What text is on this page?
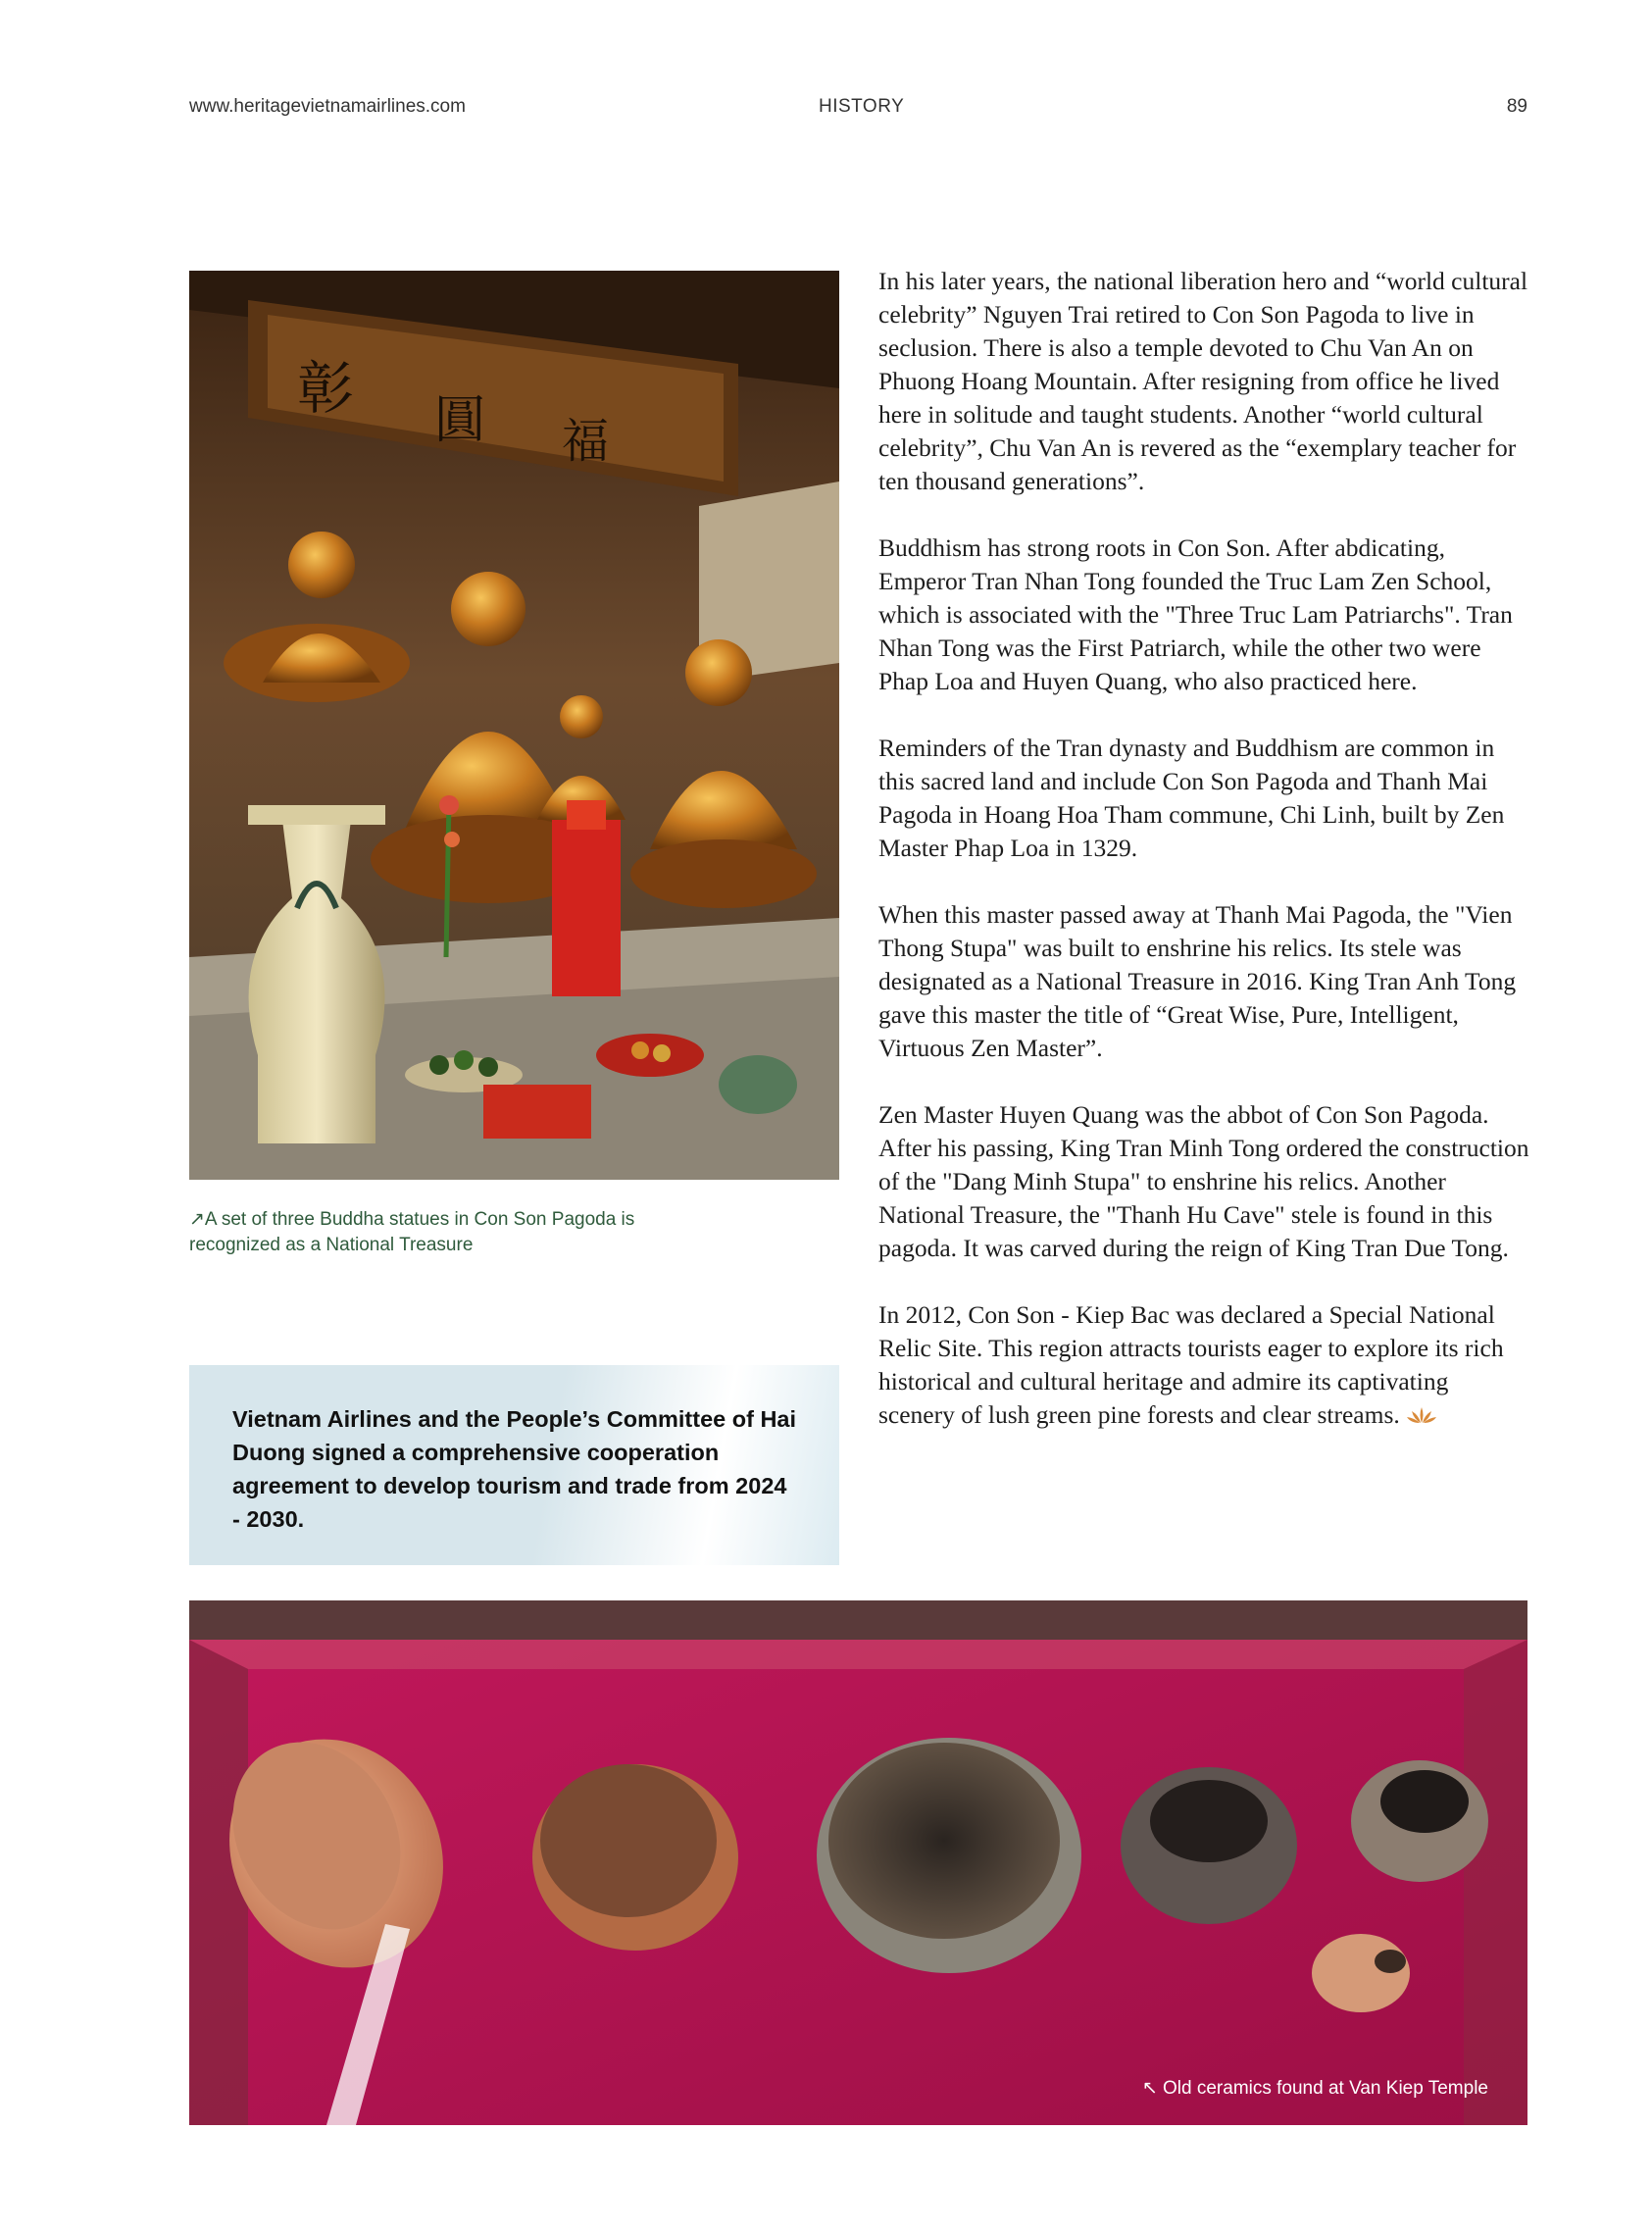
www.heritagevietnamairlines.com	HISTORY	89
彰 圓 福
↗A set of three Buddha statues in Con Son Pagoda is recognized as a National Treasure

Vietnam Airlines and the People’s Committee of Hai Duong signed a comprehensive cooperation agreement to develop tourism and trade from 2024 - 2030.

In his later years, the national liberation hero and “world cultural celebrity” Nguyen Trai retired to Con Son Pagoda to live in seclusion. There is also a temple devoted to Chu Van An on Phuong Hoang Mountain. After resigning from office he lived here in solitude and taught students. Another “world cultural celebrity”, Chu Van An is revered as the “exemplary teacher for ten thousand generations”.

Buddhism has strong roots in Con Son. After abdicating, Emperor Tran Nhan Tong founded the Truc Lam Zen School, which is associated with the "Three Truc Lam Patriarchs". Tran Nhan Tong was the First Patriarch, while the other two were Phap Loa and Huyen Quang, who also practiced here.

Reminders of the Tran dynasty and Buddhism are common in this sacred land and include Con Son Pagoda and Thanh Mai Pagoda in Hoang Hoa Tham commune, Chi Linh, built by Zen Master Phap Loa in 1329.

When this master passed away at Thanh Mai Pagoda, the "Vien Thong Stupa" was built to enshrine his relics. Its stele was designated as a National Treasure in 2016. King Tran Anh Tong gave this master the title of “Great Wise, Pure, Intelligent, Virtuous Zen Master”.

Zen Master Huyen Quang was the abbot of Con Son Pagoda. After his passing, King Tran Minh Tong ordered the construction of the "Dang Minh Stupa" to enshrine his relics. Another National Treasure, the "Thanh Hu Cave" stele is found in this pagoda. It was carved during the reign of King Tran Due Tong.

In 2012, Con Son - Kiep Bac was declared a Special National Relic Site. This region attracts tourists eager to explore its rich historical and cultural heritage and admire its captivating scenery of lush green pine forests and clear streams.

↖ Old ceramics found at Van Kiep Temple
